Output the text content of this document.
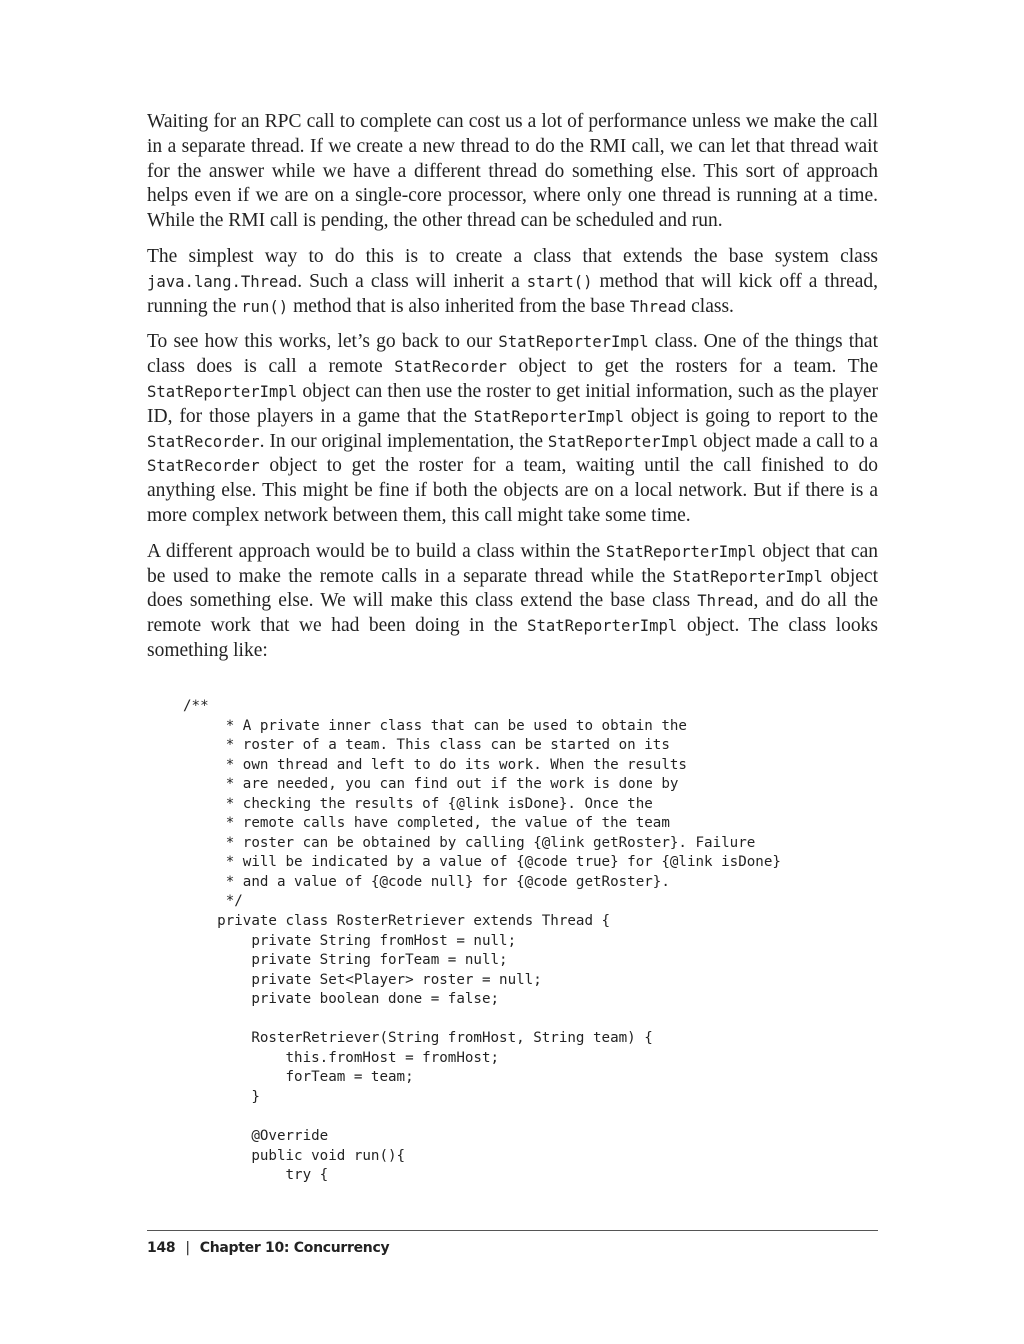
Waiting for an RPC call to complete can cost us a lot of performance unless we make the call in a separate thread. If we create a new thread to do the RMI call, we can let that thread wait for the answer while we have a different thread do something else. This sort of approach helps even if we are on a single-core processor, where only one thread is running at a time. While the RMI call is pending, the other thread can be scheduled and run.

The simplest way to do this is to create a class that extends the base system class java.lang.Thread. Such a class will inherit a start() method that will kick off a thread, running the run() method that is also inherited from the base Thread class.

To see how this works, let’s go back to our StatReporterImpl class. One of the things that class does is call a remote StatRecorder object to get the rosters for a team. The StatReporterImpl object can then use the roster to get initial information, such as the player ID, for those players in a game that the StatReporterImpl object is going to report to the StatRecorder. In our original implementation, the StatReporterImpl object made a call to a StatRecorder object to get the roster for a team, waiting until the call finished to do anything else. This might be fine if both the objects are on a local network. But if there is a more complex network between them, this call might take some time.

A different approach would be to build a class within the StatReporterImpl object that can be used to make the remote calls in a separate thread while the StatReporterImpl object does something else. We will make this class extend the base class Thread, and do all the remote work that we had been doing in the StatReporterImpl object. The class looks something like:

/**
* A private inner class that can be used to obtain the
* roster of a team. This class can be started on its
* own thread and left to do its work. When the results
* are needed, you can find out if the work is done by
* checking the results of {@link isDone}. Once the
* remote calls have completed, the value of the team
* roster can be obtained by calling {@link getRoster}. Failure
* will be indicated by a value of {@code true} for {@link isDone}
* and a value of {@code null} for {@code getRoster}.
*/
private class RosterRetriever extends Thread {
private String fromHost = null;
private String forTeam = null;
private Set<Player> roster = null;
private boolean done = false;
RosterRetriever(String fromHost, String team) {
this.fromHost = fromHost;
forTeam = team;
}
@Override
public void run(){
try {
148 | Chapter 10: Concurrency
